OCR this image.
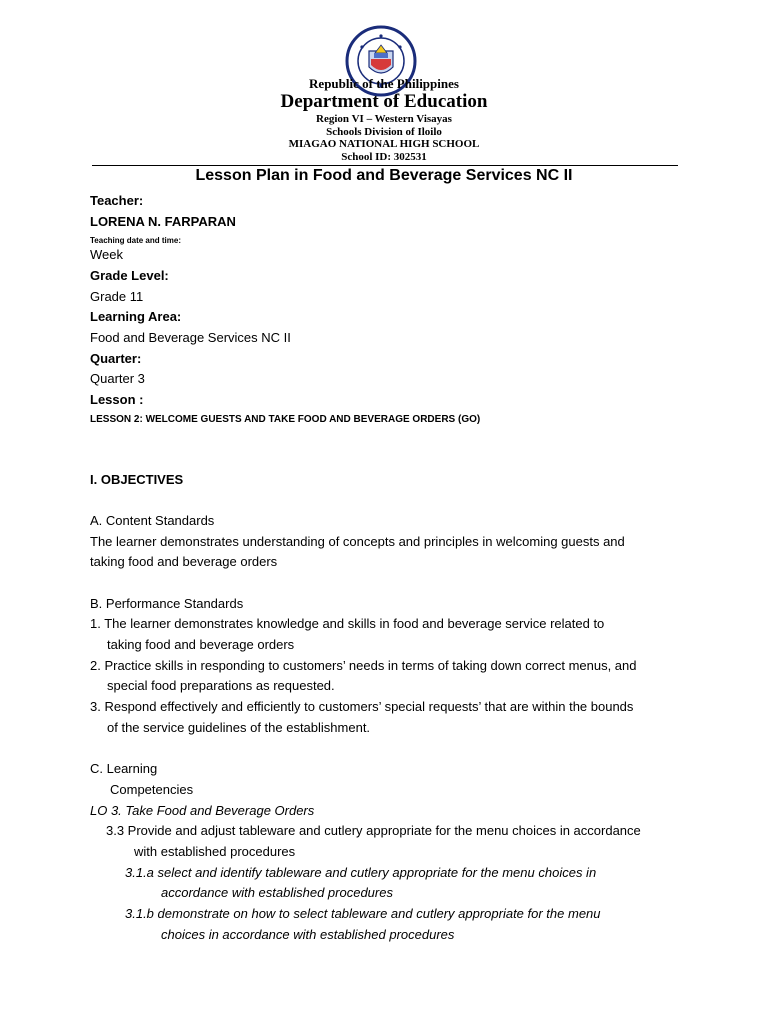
Republic of the Philippines
Department of Education
Region VI – Western Visayas
Schools Division of Iloilo
MIAGAO NATIONAL HIGH SCHOOL
School ID: 302531
Lesson Plan in Food and Beverage Services NC II
Teacher:
LORENA N. FARPARAN
Teaching date and time:
Week
Grade Level:
Grade 11
Learning Area:
Food and Beverage Services NC II
Quarter:
Quarter 3
Lesson :
LESSON 2: WELCOME GUESTS AND TAKE FOOD AND BEVERAGE ORDERS (GO)
I. OBJECTIVES
A. Content Standards
The learner demonstrates understanding of concepts and principles in welcoming guests and
taking food and beverage orders
B. Performance Standards
1. The learner demonstrates knowledge and skills in food and beverage service related to
taking food and beverage orders
2. Practice skills in responding to customers’ needs in terms of taking down correct menus, and
special food preparations as requested.
3. Respond effectively and efficiently to customers’ special requests’ that are within the bounds
of the service guidelines of the establishment.
C. Learning
Competencies
LO 3. Take Food and Beverage Orders
3.3 Provide and adjust tableware and cutlery appropriate for the menu choices in accordance
with established procedures
3.1.a select and identify tableware and cutlery appropriate for the menu choices in
accordance with established procedures
3.1.b demonstrate on how to select tableware and cutlery appropriate for the menu
choices in accordance with established procedures
